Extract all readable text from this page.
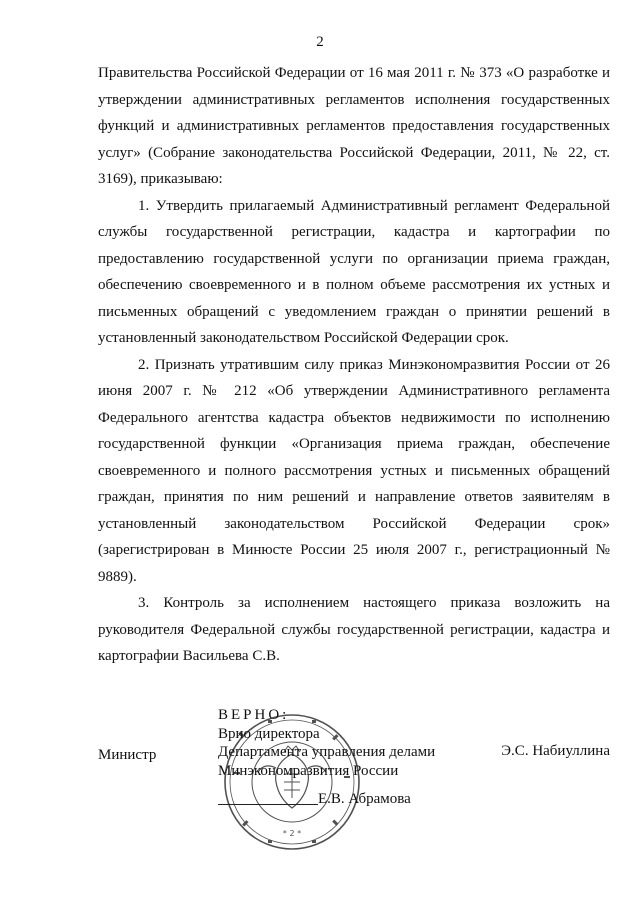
2

Правительства Российской Федерации от 16 мая 2011 г. № 373 «О разработке и утверждении административных регламентов исполнения государственных функций и административных регламентов предоставления государственных услуг» (Собрание законодательства Российской Федерации, 2011, № 22, ст. 3169), приказываю:

1. Утвердить прилагаемый Административный регламент Федеральной службы государственной регистрации, кадастра и картографии по предоставлению государственной услуги по организации приема граждан, обеспечению своевременного и в полном объеме рассмотрения их устных и письменных обращений с уведомлением граждан о принятии решений в установленный законодательством Российской Федерации срок.

2. Признать утратившим силу приказ Минэкономразвития России от 26 июня 2007 г. № 212 «Об утверждении Административного регламента Федерального агентства кадастра объектов недвижимости по исполнению государственной функции «Организация приема граждан, обеспечение своевременного и полного рассмотрения устных и письменных обращений граждан, принятия по ним решений и направление ответов заявителям в установленный законодательством Российской Федерации срок» (зарегистрирован в Минюсте России 25 июля 2007 г., регистрационный № 9889).

3. Контроль за исполнением настоящего приказа возложить на руководителя Федеральной службы государственной регистрации, кадастра и картографии Васильева С.В.

* 2 *
Министр	Э.С. Набиуллина
ВЕРНО:
Врио директора
Департамента управления делами
Минэкономразвития России
Е.В. Абрамова
